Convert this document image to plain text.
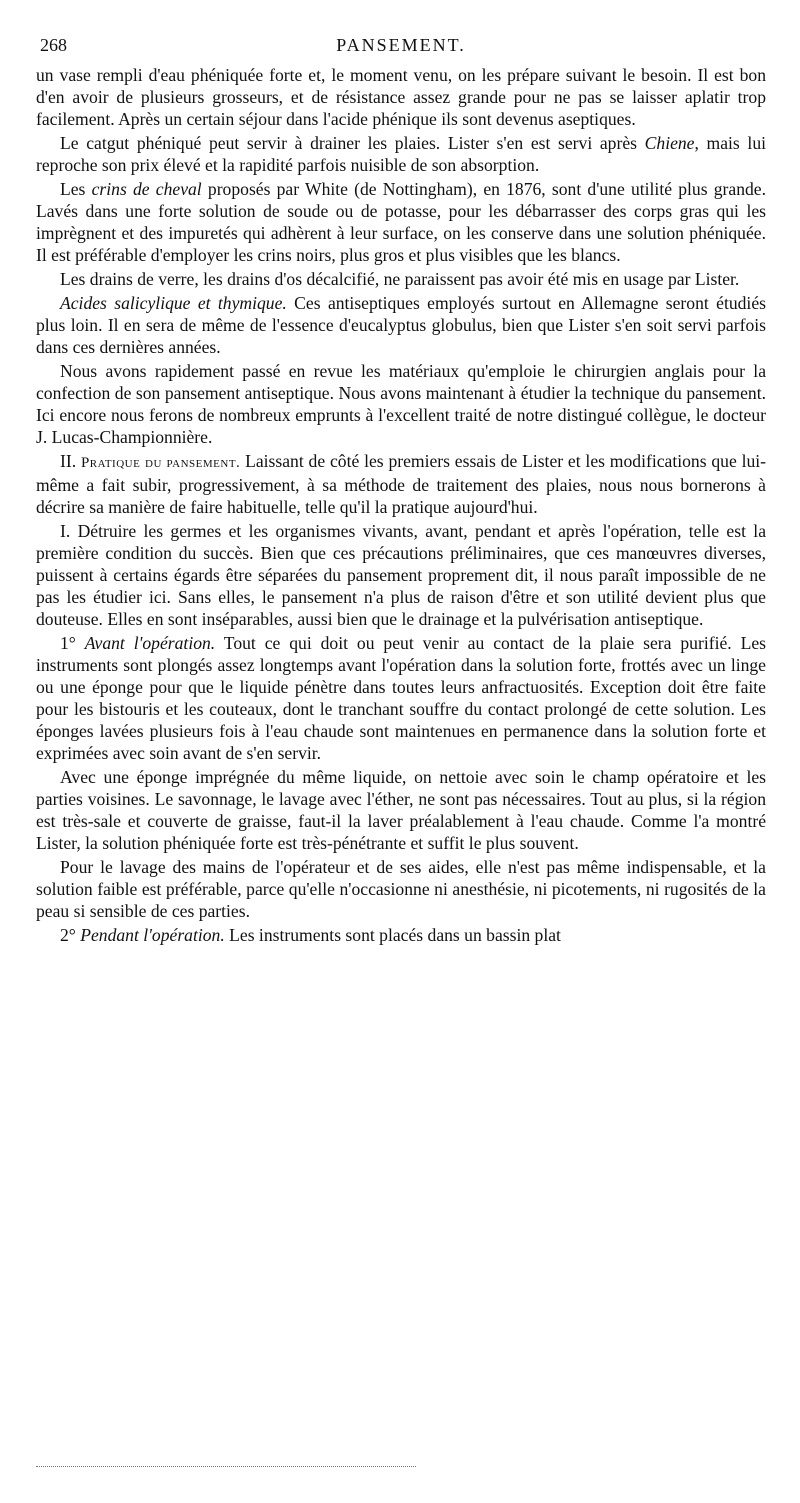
268	PANSEMENT.

un vase rempli d'eau phéniquée forte et, le moment venu, on les prépare suivant le besoin. Il est bon d'en avoir de plusieurs grosseurs, et de résistance assez grande pour ne pas se laisser aplatir trop facilement. Après un certain séjour dans l'acide phénique ils sont devenus aseptiques.

Le catgut phéniqué peut servir à drainer les plaies. Lister s'en est servi après Chiene, mais lui reproche son prix élevé et la rapidité parfois nuisible de son absorption.

Les crins de cheval proposés par White (de Nottingham), en 1876, sont d'une utilité plus grande. Lavés dans une forte solution de soude ou de potasse, pour les débarrasser des corps gras qui les imprègnent et des impuretés qui adhèrent à leur surface, on les conserve dans une solution phéniquée. Il est préférable d'employer les crins noirs, plus gros et plus visibles que les blancs.

Les drains de verre, les drains d'os décalcifié, ne paraissent pas avoir été mis en usage par Lister.

Acides salicylique et thymique. Ces antiseptiques employés surtout en Allemagne seront étudiés plus loin. Il en sera de même de l'essence d'eucalyptus globulus, bien que Lister s'en soit servi parfois dans ces dernières années.

Nous avons rapidement passé en revue les matériaux qu'emploie le chirurgien anglais pour la confection de son pansement antiseptique. Nous avons maintenant à étudier la technique du pansement. Ici encore nous ferons de nombreux emprunts à l'excellent traité de notre distingué collègue, le docteur J. Lucas-Championnière.

II. Pratique du pansement. Laissant de côté les premiers essais de Lister et les modifications que lui-même a fait subir, progressivement, à sa méthode de traitement des plaies, nous nous bornerons à décrire sa manière de faire habituelle, telle qu'il la pratique aujourd'hui.

I. Détruire les germes et les organismes vivants, avant, pendant et après l'opération, telle est la première condition du succès. Bien que ces précautions préliminaires, que ces manœuvres diverses, puissent à certains égards être séparées du pansement proprement dit, il nous paraît impossible de ne pas les étudier ici. Sans elles, le pansement n'a plus de raison d'être et son utilité devient plus que douteuse. Elles en sont inséparables, aussi bien que le drainage et la pulvérisation antiseptique.

1° Avant l'opération. Tout ce qui doit ou peut venir au contact de la plaie sera purifié. Les instruments sont plongés assez longtemps avant l'opération dans la solution forte, frottés avec un linge ou une éponge pour que le liquide pénètre dans toutes leurs anfractuosités. Exception doit être faite pour les bistouris et les couteaux, dont le tranchant souffre du contact prolongé de cette solution. Les éponges lavées plusieurs fois à l'eau chaude sont maintenues en permanence dans la solution forte et exprimées avec soin avant de s'en servir.

Avec une éponge imprégnée du même liquide, on nettoie avec soin le champ opératoire et les parties voisines. Le savonnage, le lavage avec l'éther, ne sont pas nécessaires. Tout au plus, si la région est très-sale et couverte de graisse, faut-il la laver préalablement à l'eau chaude. Comme l'a montré Lister, la solution phéniquée forte est très-pénétrante et suffit le plus souvent.

Pour le lavage des mains de l'opérateur et de ses aides, elle n'est pas même indispensable, et la solution faible est préférable, parce qu'elle n'occasionne ni anesthésie, ni picotements, ni rugosités de la peau si sensible de ces parties.

2° Pendant l'opération. Les instruments sont placés dans un bassin plat
